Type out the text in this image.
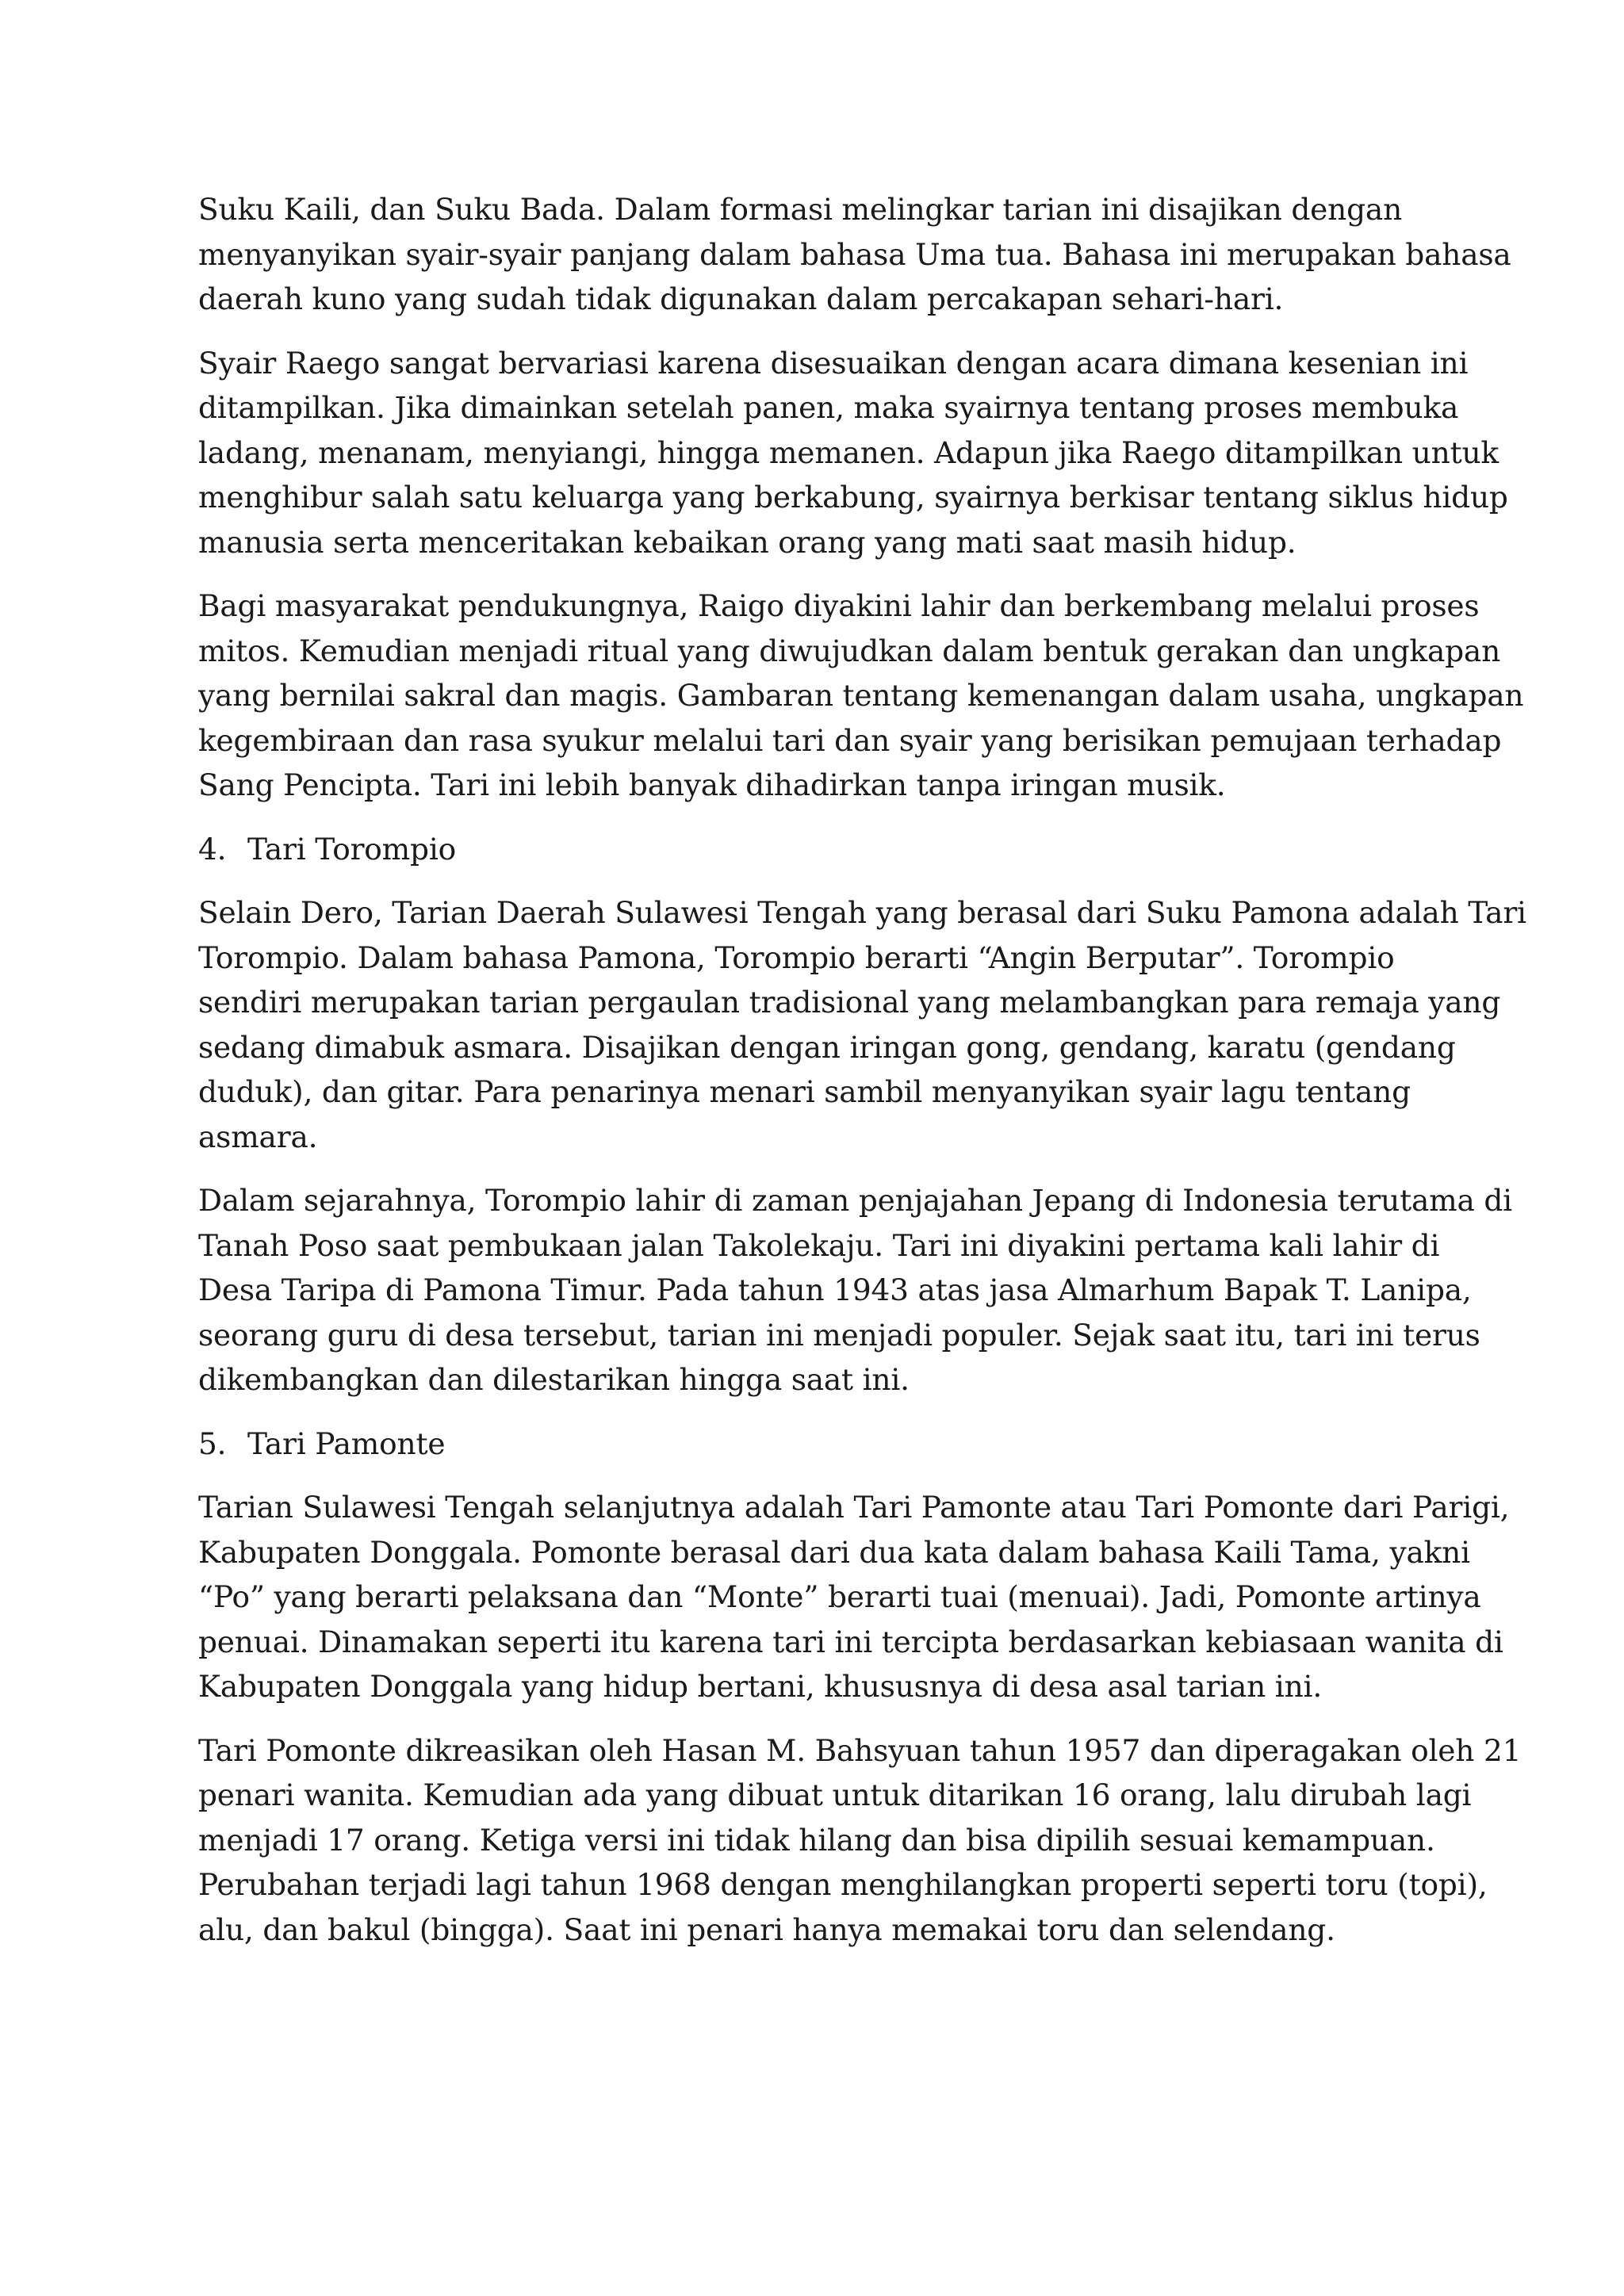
Suku Kaili, dan Suku Bada. Dalam formasi melingkar tarian ini disajikan dengan
menyanyikan syair-syair panjang dalam bahasa Uma tua. Bahasa ini merupakan bahasa
daerah kuno yang sudah tidak digunakan dalam percakapan sehari-hari.
Syair Raego sangat bervariasi karena disesuaikan dengan acara dimana kesenian ini
ditampilkan. Jika dimainkan setelah panen, maka syairnya tentang proses membuka
ladang, menanam, menyiangi, hingga memanen. Adapun jika Raego ditampilkan untuk
menghibur salah satu keluarga yang berkabung, syairnya berkisar tentang siklus hidup
manusia serta menceritakan kebaikan orang yang mati saat masih hidup.
Bagi masyarakat pendukungnya, Raigo diyakini lahir dan berkembang melalui proses
mitos. Kemudian menjadi ritual yang diwujudkan dalam bentuk gerakan dan ungkapan
yang bernilai sakral dan magis. Gambaran tentang kemenangan dalam usaha, ungkapan
kegembiraan dan rasa syukur melalui tari dan syair yang berisikan pemujaan terhadap
Sang Pencipta. Tari ini lebih banyak dihadirkan tanpa iringan musik.
4. Tari Torompio
Selain Dero, Tarian Daerah Sulawesi Tengah yang berasal dari Suku Pamona adalah Tari
Torompio. Dalam bahasa Pamona, Torompio berarti “Angin Berputar”. Torompio
sendiri merupakan tarian pergaulan tradisional yang melambangkan para remaja yang
sedang dimabuk asmara. Disajikan dengan iringan gong, gendang, karatu (gendang
duduk), dan gitar. Para penarinya menari sambil menyanyikan syair lagu tentang
asmara.
Dalam sejarahnya, Torompio lahir di zaman penjajahan Jepang di Indonesia terutama di
Tanah Poso saat pembukaan jalan Takolekaju. Tari ini diyakini pertama kali lahir di
Desa Taripa di Pamona Timur. Pada tahun 1943 atas jasa Almarhum Bapak T. Lanipa,
seorang guru di desa tersebut, tarian ini menjadi populer. Sejak saat itu, tari ini terus
dikembangkan dan dilestarikan hingga saat ini.
5. Tari Pamonte
Tarian Sulawesi Tengah selanjutnya adalah Tari Pamonte atau Tari Pomonte dari Parigi,
Kabupaten Donggala. Pomonte berasal dari dua kata dalam bahasa Kaili Tama, yakni
“Po” yang berarti pelaksana dan “Monte” berarti tuai (menuai). Jadi, Pomonte artinya
penuai. Dinamakan seperti itu karena tari ini tercipta berdasarkan kebiasaan wanita di
Kabupaten Donggala yang hidup bertani, khususnya di desa asal tarian ini.
Tari Pomonte dikreasikan oleh Hasan M. Bahsyuan tahun 1957 dan diperagakan oleh 21
penari wanita. Kemudian ada yang dibuat untuk ditarikan 16 orang, lalu dirubah lagi
menjadi 17 orang. Ketiga versi ini tidak hilang dan bisa dipilih sesuai kemampuan.
Perubahan terjadi lagi tahun 1968 dengan menghilangkan properti seperti toru (topi),
alu, dan bakul (bingga). Saat ini penari hanya memakai toru dan selendang.
